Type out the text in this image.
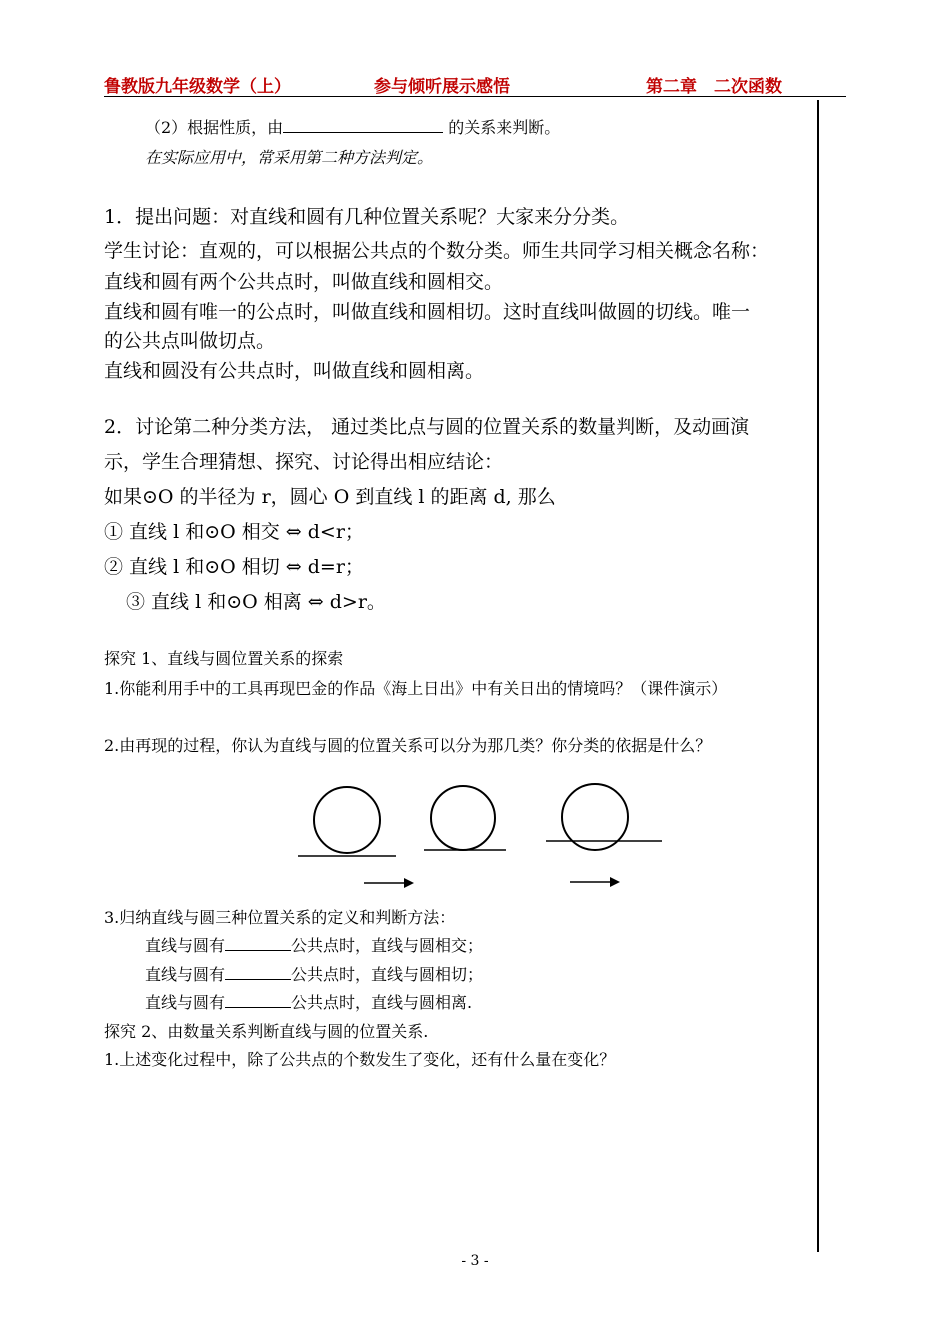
鲁教版九年级数学（上）	参与倾听展示感悟	第二章　二次函数
（2）根据性质，由	的关系来判断。
在实际应用中，常采用第二种方法判定。
1．提出问题：对直线和圆有几种位置关系呢？大家来分分类。
学生讨论：直观的，可以根据公共点的个数分类。师生共同学习相关概念名称：
直线和圆有两个公共点时，叫做直线和圆相交。
直线和圆有唯一的公点时，叫做直线和圆相切。这时直线叫做圆的切线。唯一
的公共点叫做切点。
直线和圆没有公共点时，叫做直线和圆相离。
2．讨论第二种分类方法， 通过类比点与圆的位置关系的数量判断，及动画演
示，学生合理猜想、探究、讨论得出相应结论：
如果⊙O 的半径为 r，圆心 O 到直线 l 的距离 d, 那么
① 直线 l 和⊙O 相交 ⇔ d<r；
② 直线 l 和⊙O 相切 ⇔ d=r；
③ 直线 l 和⊙O 相离 ⇔ d>r。
探究 1、直线与圆位置关系的探索
1.你能利用手中的工具再现巴金的作品《海上日出》中有关日出的情境吗？（课件演示）
2.由再现的过程，你认为直线与圆的位置关系可以分为那几类？你分类的依据是什么？
3.归纳直线与圆三种位置关系的定义和判断方法：
直线与圆有	公共点时，直线与圆相交；
直线与圆有	公共点时，直线与圆相切；
直线与圆有	公共点时，直线与圆相离.
探究 2、由数量关系判断直线与圆的位置关系.
1.上述变化过程中，除了公共点的个数发生了变化，还有什么量在变化？
- 3 -
